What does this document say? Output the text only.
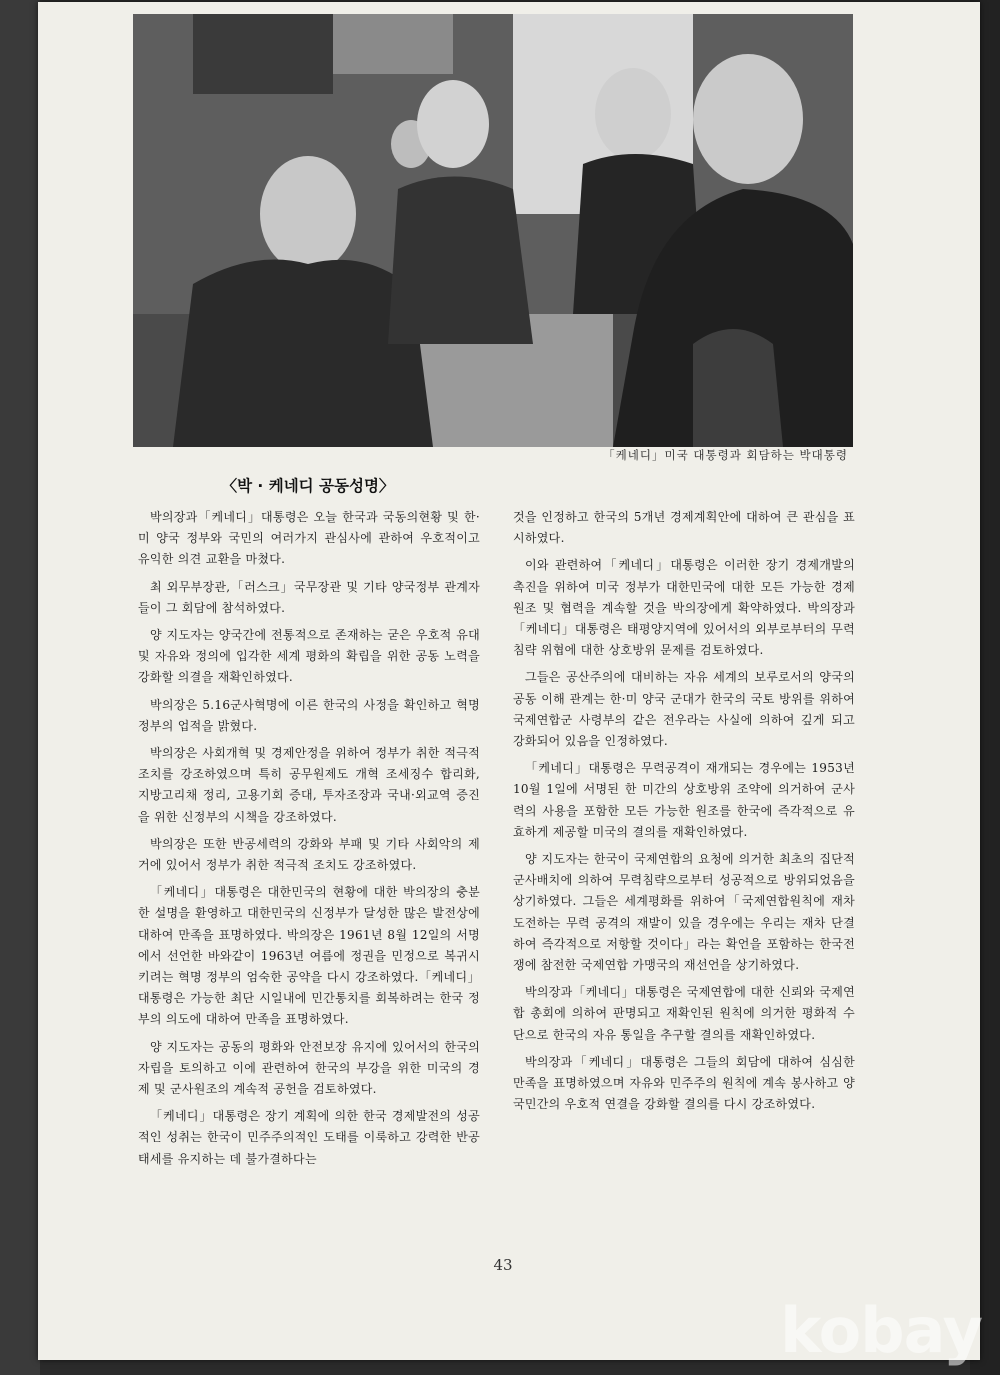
「케네디」미국 대통령과 회담하는 박대통령
〈박 · 케네디 공동성명〉

박의장과「케네디」대통령은 오늘 한국과 국동의현황 및 한·미 양국 정부와 국민의 여러가지 관심사에 관하여 우호적이고 유익한 의견 교환을 마쳤다.

최 외무부장관,「러스크」국무장관 및 기타 양국정부 관계자들이 그 회담에 참석하였다.

양 지도자는 양국간에 전통적으로 존재하는 굳은 우호적 유대 및 자유와 정의에 입각한 세계 평화의 확립을 위한 공동 노력을 강화할 의결을 재확인하였다.

박의장은 5.16군사혁명에 이른 한국의 사정을 확인하고 혁명 정부의 업적을 밝혔다.

박의장은 사회개혁 및 경제안정을 위하여 정부가 취한 적극적 조치를 강조하였으며 특히 공무원제도 개혁 조세징수 합리화, 지방고리채 정리, 고용기회 증대, 투자조장과 국내·외교역 증진을 위한 신정부의 시책을 강조하였다.

박의장은 또한 반공세력의 강화와 부패 및 기타 사회악의 제거에 있어서 정부가 취한 적극적 조치도 강조하였다.

「케네디」대통령은 대한민국의 현황에 대한 박의장의 충분한 설명을 환영하고 대한민국의 신정부가 달성한 많은 발전상에 대하여 만족을 표명하였다. 박의장은 1961년 8월 12일의 서명에서 선언한 바와같이 1963년 여름에 정권을 민정으로 복귀시키려는 혁명 정부의 엄숙한 공약을 다시 강조하였다.「케네디」대통령은 가능한 최단 시일내에 민간통치를 회복하려는 한국 정부의 의도에 대하여 만족을 표명하였다.

양 지도자는 공동의 평화와 안전보장 유지에 있어서의 한국의 자립을 토의하고 이에 관련하여 한국의 부강을 위한 미국의 경제 및 군사원조의 계속적 공헌을 검토하였다.

「케네디」대통령은 장기 계획에 의한 한국 경제발전의 성공적인 성취는 한국이 민주주의적인 도태를 이룩하고 강력한 반공태세를 유지하는 데 불가결하다는

것을 인정하고 한국의 5개년 경제계획안에 대하여 큰 관심을 표시하였다.

이와 관련하여「케네디」대통령은 이러한 장기 경제개발의 촉진을 위하여 미국 정부가 대한민국에 대한 모든 가능한 경제원조 및 협력을 계속할 것을 박의장에게 확약하였다. 박의장과「케네디」대통령은 태평양지역에 있어서의 외부로부터의 무력침략 위협에 대한 상호방위 문제를 검토하였다.

그들은 공산주의에 대비하는 자유 세계의 보루로서의 양국의 공동 이해 관계는 한·미 양국 군대가 한국의 국토 방위를 위하여 국제연합군 사령부의 같은 전우라는 사실에 의하여 깊게 되고 강화되어 있음을 인정하였다.

「케네디」대통령은 무력공격이 재개되는 경우에는 1953년 10월 1일에 서명된 한 미간의 상호방위 조약에 의거하여 군사력의 사용을 포함한 모든 가능한 원조를 한국에 즉각적으로 유효하게 제공할 미국의 결의를 재확인하였다.

양 지도자는 한국이 국제연합의 요청에 의거한 최초의 집단적 군사배치에 의하여 무력침략으로부터 성공적으로 방위되었음을 상기하였다. 그들은 세계평화를 위하여「국제연합원칙에 재차 도전하는 무력 공격의 재발이 있을 경우에는 우리는 재차 단결하여 즉각적으로 저항할 것이다」라는 확언을 포함하는 한국전쟁에 참전한 국제연합 가맹국의 재선언을 상기하였다.

박의장과「케네디」대통령은 국제연합에 대한 신뢰와 국제연합 총회에 의하여 판명되고 재확인된 원칙에 의거한 평화적 수단으로 한국의 자유 통일을 추구할 결의를 재확인하였다.

박의장과「케네디」대통령은 그들의 회담에 대하여 심심한 만족을 표명하였으며 자유와 민주주의 원칙에 계속 봉사하고 양 국민간의 우호적 연결을 강화할 결의를 다시 강조하였다.

43
kobay
